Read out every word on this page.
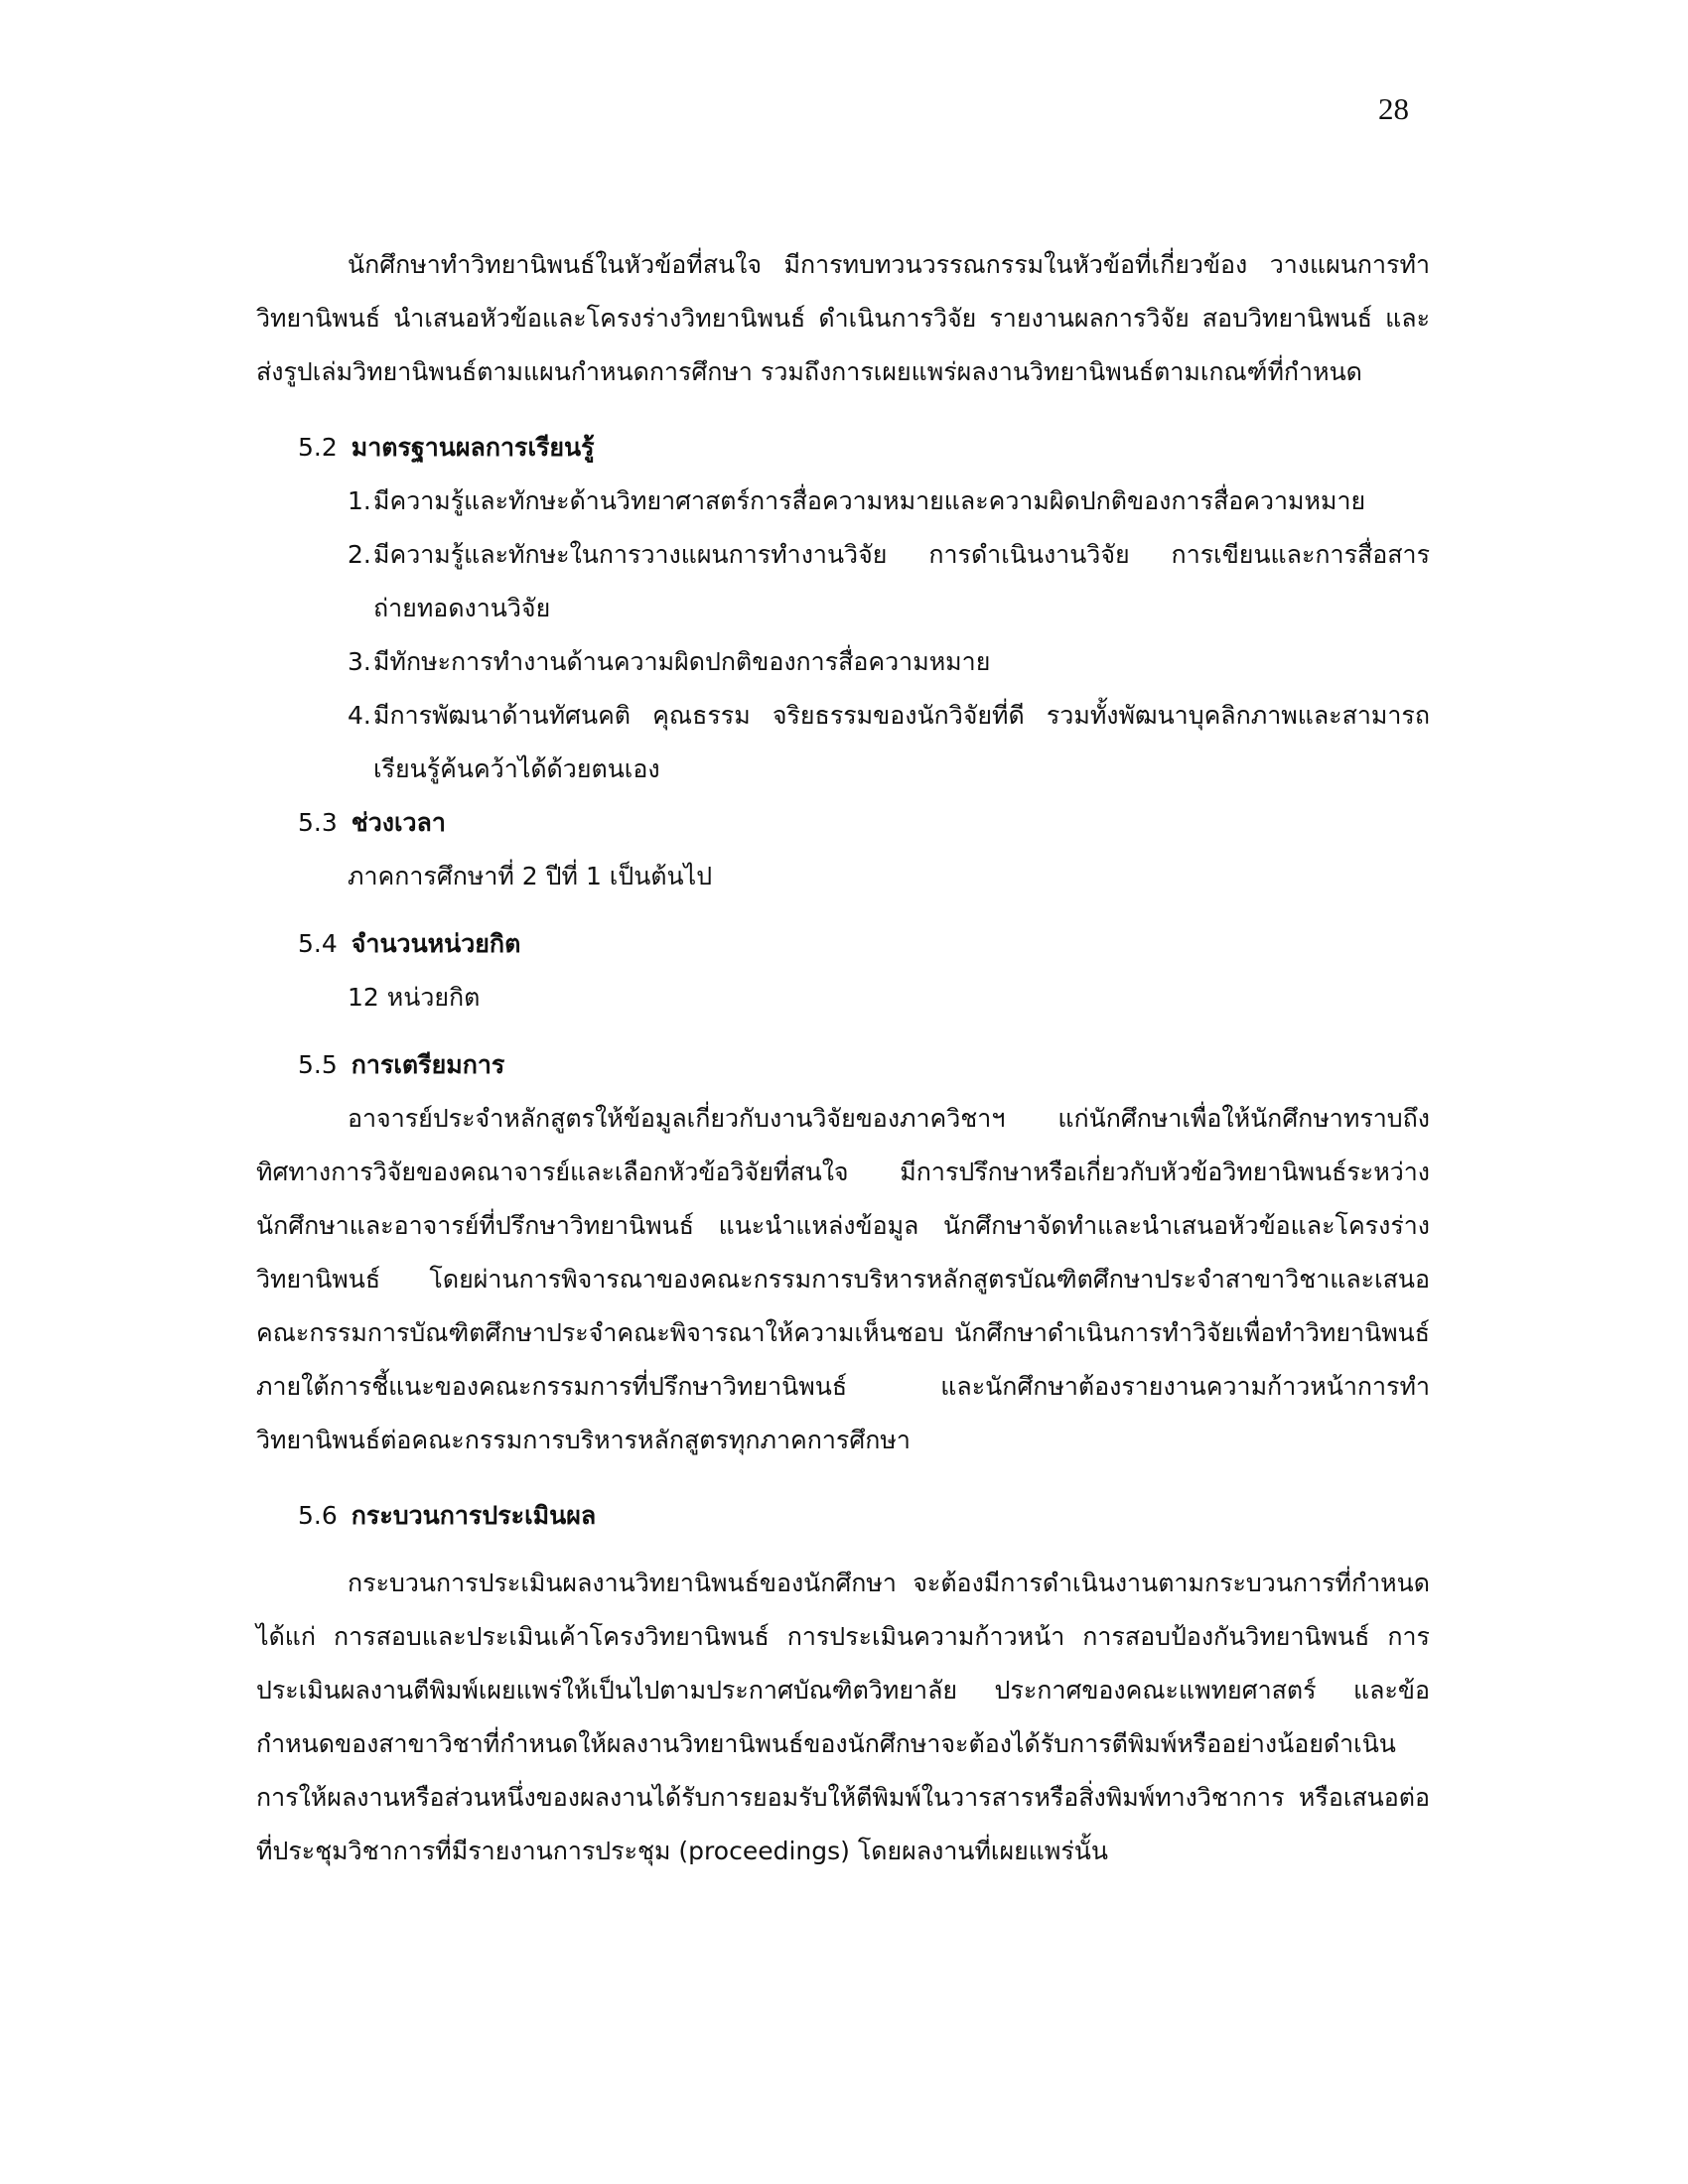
28

นักศึกษาทำวิทยานิพนธ์ในหัวข้อที่สนใจ มีการทบทวนวรรณกรรมในหัวข้อที่เกี่ยวข้อง วางแผนการทำวิทยานิพนธ์ นำเสนอหัวข้อและโครงร่างวิทยานิพนธ์ ดำเนินการวิจัย รายงานผลการวิจัย สอบวิทยานิพนธ์ และส่งรูปเล่มวิทยานิพนธ์ตามแผนกำหนดการศึกษา รวมถึงการเผยแพร่ผลงานวิทยานิพนธ์ตามเกณฑ์ที่กำหนด

5.2 มาตรฐานผลการเรียนรู้
1. มีความรู้และทักษะด้านวิทยาศาสตร์การสื่อความหมายและความผิดปกติของการสื่อความหมาย
2. มีความรู้และทักษะในการวางแผนการทำงานวิจัย การดำเนินงานวิจัย การเขียนและการสื่อสารถ่ายทอดงานวิจัย
3. มีทักษะการทำงานด้านความผิดปกติของการสื่อความหมาย
4. มีการพัฒนาด้านทัศนคติ คุณธรรม จริยธรรมของนักวิจัยที่ดี รวมทั้งพัฒนาบุคลิกภาพและสามารถเรียนรู้ค้นคว้าได้ด้วยตนเอง
5.3 ช่วงเวลา

ภาคการศึกษาที่ 2 ปีที่ 1 เป็นต้นไป

5.4 จำนวนหน่วยกิต

12 หน่วยกิต

5.5 การเตรียมการ

อาจารย์ประจำหลักสูตรให้ข้อมูลเกี่ยวกับงานวิจัยของภาควิชาฯ แก่นักศึกษาเพื่อให้นักศึกษาทราบถึงทิศทางการวิจัยของคณาจารย์และเลือกหัวข้อวิจัยที่สนใจ มีการปรึกษาหรือเกี่ยวกับหัวข้อวิทยานิพนธ์ระหว่างนักศึกษาและอาจารย์ที่ปรึกษาวิทยานิพนธ์ แนะนำแหล่งข้อมูล นักศึกษาจัดทำและนำเสนอหัวข้อและโครงร่างวิทยานิพนธ์ โดยผ่านการพิจารณาของคณะกรรมการบริหารหลักสูตรบัณฑิตศึกษาประจำสาขาวิชาและเสนอคณะกรรมการบัณฑิตศึกษาประจำคณะพิจารณาให้ความเห็นชอบ นักศึกษาดำเนินการทำวิจัยเพื่อทำวิทยานิพนธ์ภายใต้การชี้แนะของคณะกรรมการที่ปรึกษาวิทยานิพนธ์ และนักศึกษาต้องรายงานความก้าวหน้าการทำวิทยานิพนธ์ต่อคณะกรรมการบริหารหลักสูตรทุกภาคการศึกษา

5.6 กระบวนการประเมินผล

กระบวนการประเมินผลงานวิทยานิพนธ์ของนักศึกษา จะต้องมีการดำเนินงานตามกระบวนการที่กำหนด ได้แก่ การสอบและประเมินเค้าโครงวิทยานิพนธ์ การประเมินความก้าวหน้า การสอบป้องกันวิทยานิพนธ์ การประเมินผลงานตีพิมพ์เผยแพร่ให้เป็นไปตามประกาศบัณฑิตวิทยาลัย ประกาศของคณะแพทยศาสตร์ และข้อกำหนดของสาขาวิชาที่กำหนดให้ผลงานวิทยานิพนธ์ของนักศึกษาจะต้องได้รับการตีพิมพ์หรืออย่างน้อยดำเนินการให้ผลงานหรือส่วนหนึ่งของผลงานได้รับการยอมรับให้ตีพิมพ์ในวารสารหรือสิ่งพิมพ์ทางวิชาการ หรือเสนอต่อที่ประชุมวิชาการที่มีรายงานการประชุม (proceedings) โดยผลงานที่เผยแพร่นั้น
